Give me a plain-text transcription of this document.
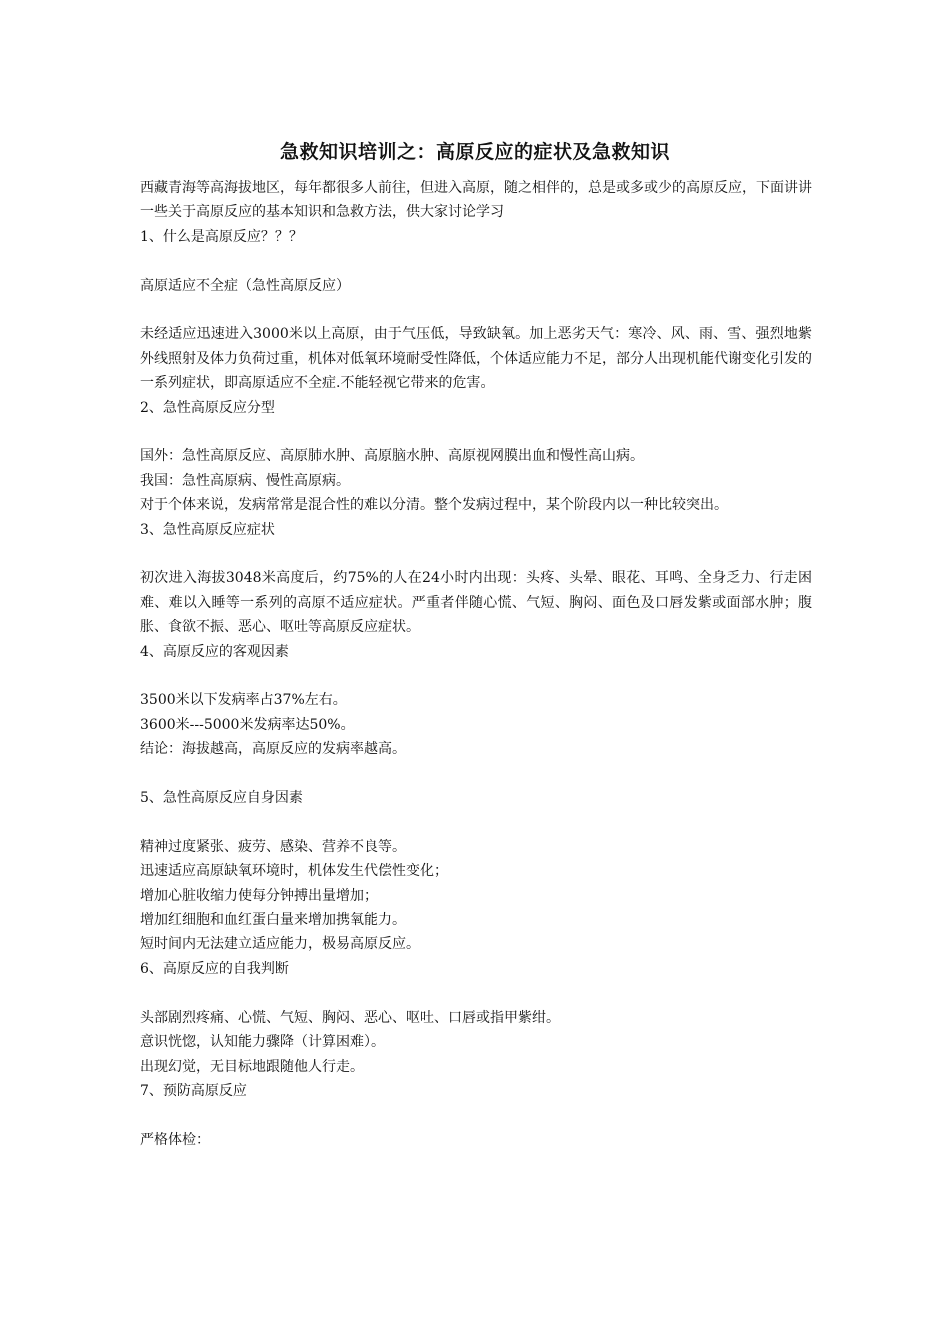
急救知识培训之：高原反应的症状及急救知识

西藏青海等高海拔地区，每年都很多人前往，但进入高原，随之相伴的，总是或多或少的高原反应，下面讲讲一些关于高原反应的基本知识和急救方法，供大家讨论学习

1、什么是高原反应？？？

高原适应不全症（急性高原反应）

未经适应迅速进入3000米以上高原，由于气压低，导致缺氧。加上恶劣天气：寒冷、风、雨、雪、强烈地紫外线照射及体力负荷过重，机体对低氧环境耐受性降低，个体适应能力不足，部分人出现机能代谢变化引发的一系列症状，即高原适应不全症.不能轻视它带来的危害。

2、急性高原反应分型

国外：急性高原反应、高原肺水肿、高原脑水肿、高原视网膜出血和慢性高山病。

我国：急性高原病、慢性高原病。

对于个体来说，发病常常是混合性的难以分清。整个发病过程中，某个阶段内以一种比较突出。

3、急性高原反应症状

初次进入海拔3048米高度后，约75%的人在24小时内出现：头疼、头晕、眼花、耳鸣、全身乏力、行走困难、难以入睡等一系列的高原不适应症状。严重者伴随心慌、气短、胸闷、面色及口唇发紫或面部水肿；腹胀、食欲不振、恶心、呕吐等高原反应症状。

4、高原反应的客观因素

3500米以下发病率占37%左右。

3600米---5000米发病率达50%。

结论：海拔越高，高原反应的发病率越高。

5、急性高原反应自身因素

精神过度紧张、疲劳、感染、营养不良等。

迅速适应高原缺氧环境时，机体发生代偿性变化；

增加心脏收缩力使每分钟搏出量增加；

增加红细胞和血红蛋白量来增加携氧能力。

短时间内无法建立适应能力，极易高原反应。

6、高原反应的自我判断

头部剧烈疼痛、心慌、气短、胸闷、恶心、呕吐、口唇或指甲紫绀。

意识恍惚，认知能力骤降（计算困难）。

出现幻觉，无目标地跟随他人行走。

7、预防高原反应

严格体检：
